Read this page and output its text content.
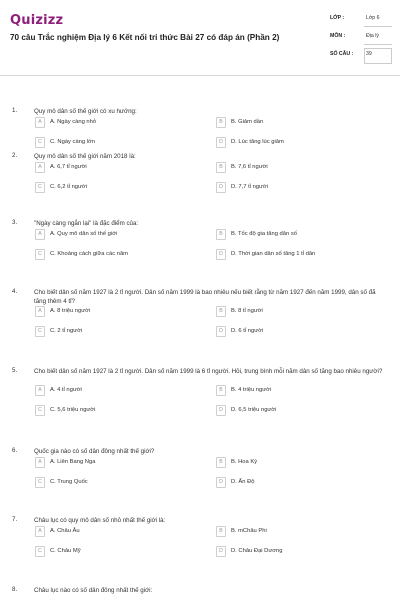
Quizizz
70 câu Trắc nghiệm Địa lý 6 Kết nối tri thức Bài 27 có đáp án (Phần 2)
LỚP :	Lớp 6
MÔN :	Địa lý
SỐ CÂU : 39
1.	Quy mô dân số thế giới có xu hướng:
A	A. Ngày càng nhỏ	B	B. Giảm dần
C	C. Ngày càng lớn	D	D. Lúc tăng lúc giảm
2.	Quy mô dân số thế giới năm 2018 là:
A	A. 6,7 tỉ người	B	B. 7,6 tỉ người
C	C. 6,2 tỉ người	D	D. 7,7 tỉ người
3.	"Ngày càng ngắn lại" là đặc điểm của:
A	A. Quy mô dân số thế giới	B	B. Tốc độ gia tăng dân số
C	C. Khoảng cách giữa các năm	D	D. Thời gian dân số tăng 1 tỉ dân
4.	Cho biết dân số năm 1927 là 2 tỉ người. Dân số năm 1999 là bao nhiêu nếu biết rằng từ năm 1927 đến năm 1999, dân số đã tăng thêm 4 tỉ?
A	A. 8 triệu người	B	B. 8 tỉ người
C	C. 2 tỉ người	D	D. 6 tỉ người
5.	Cho biết dân số năm 1927 là 2 tỉ người. Dân số năm 1999 là 6 tỉ người. Hỏi, trung bình mỗi năm dân số tăng bao nhiêu người?
A	A. 4 tỉ người	B	B. 4 triệu người
C	C. 5,6 triệu người	D	D. 6,5 triệu người
6.	Quốc gia nào có số dân đông nhất thế giới?
A	A. Liên Bang Nga	B	B. Hoa Kỳ
C	C. Trung Quốc	D	D. Ấn Độ
7.	Châu lục có quy mô dân số nhỏ nhất thế giới là:
A	A. Châu Âu	B	B. mChâu Phi
C	C. Châu Mỹ	D	D. Châu Đại Dương
8.	Châu lục nào có số dân đông nhất thế giới:
